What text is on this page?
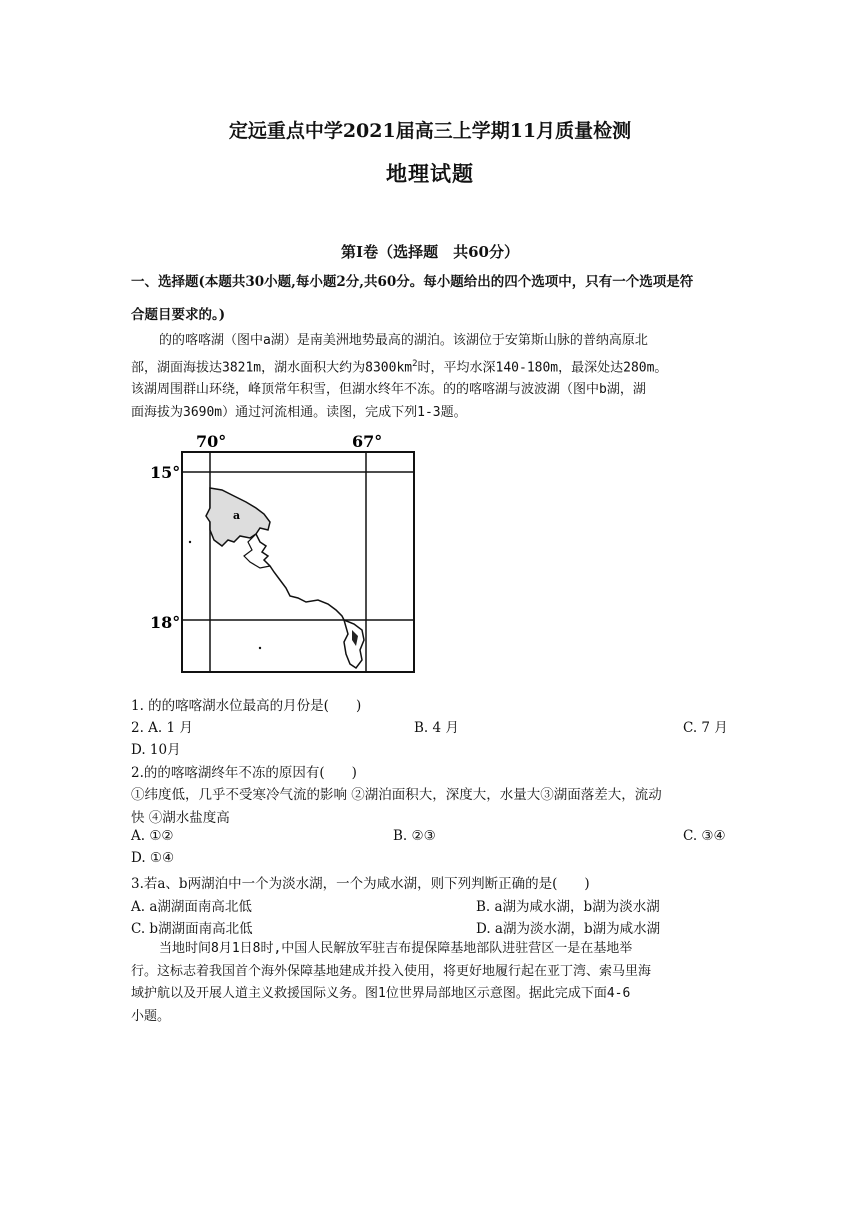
定远重点中学2021届高三上学期11月质量检测
地理试题
第Ⅰ卷（选择题　共60分）
一、选择题(本题共30小题,每小题2分,共60分。每小题给出的四个选项中，只有一个选项是符
合题目要求的。)
的的喀喀湖（图中a湖）是南美洲地势最高的湖泊。该湖位于安第斯山脉的普纳高原北
部，湖面海拔达3821m，湖水面积大约为$8300km^2$时，平均水深140-180m，最深处达280m。
该湖周围群山环绕，峰顶常年积雪，但湖水终年不冻。的的喀喀湖与波波湖（图中b湖，湖
面海拔为3690m）通过河流相通。读图，完成下列1-3题。
70°	67°
15°
18°
a
1. 的的喀喀湖水位最高的月份是(　　)
2. A. 1 月	B. 4 月	C. 7 月
D. 10月
2.的的喀喀湖终年不冻的原因有(　　)
①纬度低，几乎不受寒冷气流的影响 ②湖泊面积大，深度大，水量大③湖面落差大，流动
快 ④湖水盐度高
A. ①②	B. ②③	C. ③④
D. ①④
3.若a、b两湖泊中一个为淡水湖，一个为咸水湖，则下列判断正确的是(　　)
A. a湖湖面南高北低	B. a湖为咸水湖，b湖为淡水湖
C. b湖湖面南高北低	D. a湖为淡水湖，b湖为咸水湖
当地时间8月1日8时,中国人民解放军驻吉布提保障基地部队进驻营区一是在基地举
行。这标志着我国首个海外保障基地建成并投入使用，将更好地履行起在亚丁湾、索马里海
域护航以及开展人道主义救援国际义务。图1位世界局部地区示意图。据此完成下面4-6
小题。
